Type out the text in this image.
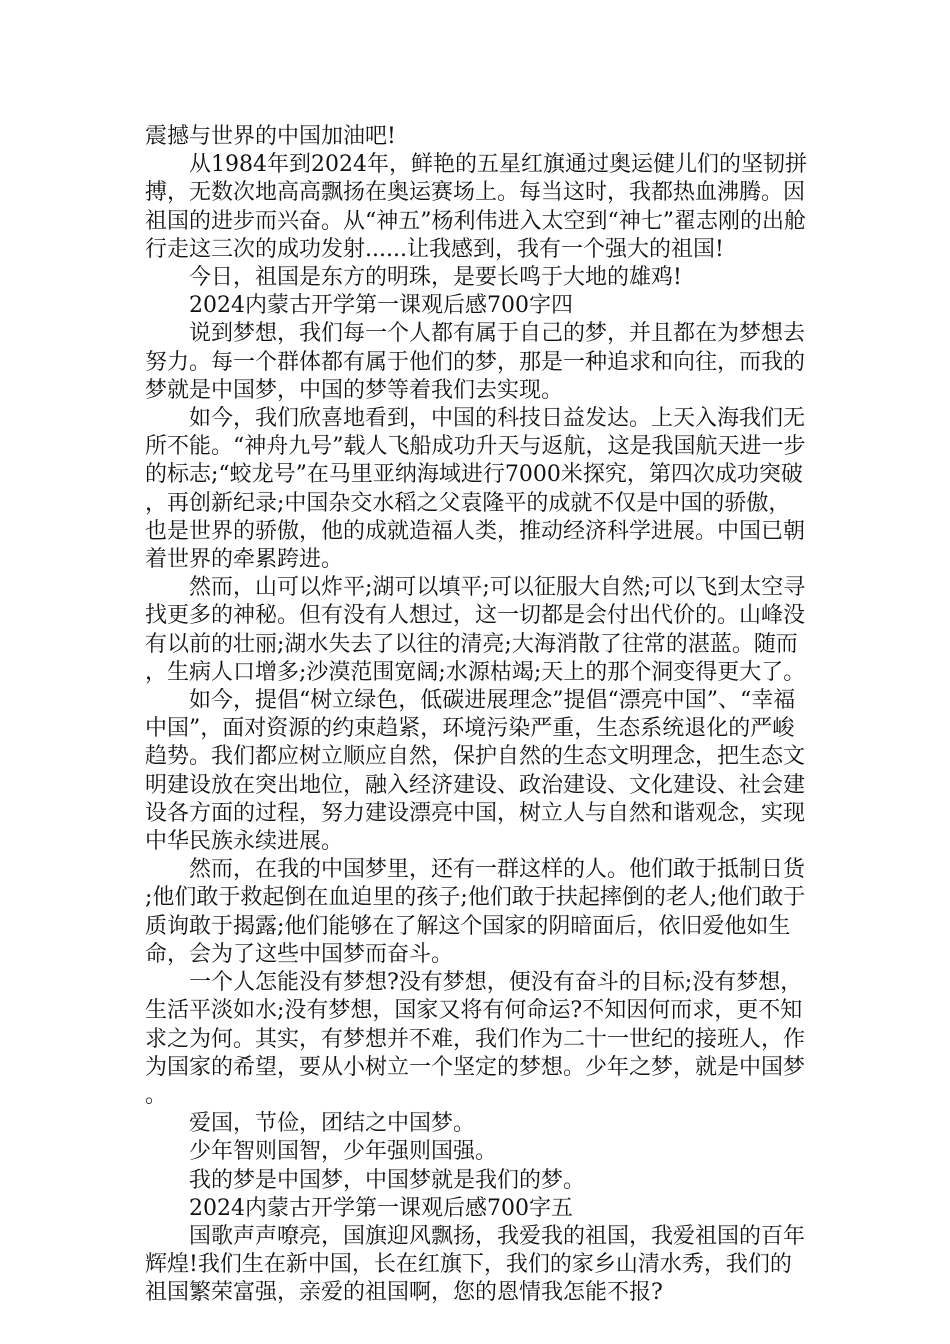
震撼与世界的中国加油吧!

从1984年到2024年，鲜艳的五星红旗通过奥运健儿们的坚韧拼搏，无数次地高高飘扬在奥运赛场上。每当这时，我都热血沸腾。因祖国的进步而兴奋。从“神五”杨利伟进入太空到“神七”翟志刚的出舱行走这三次的成功发射......让我感到，我有一个强大的祖国!

今日，祖国是东方的明珠，是要长鸣于大地的雄鸡!

2024内蒙古开学第一课观后感700字四

说到梦想，我们每一个人都有属于自己的梦，并且都在为梦想去努力。每一个群体都有属于他们的梦，那是一种追求和向往，而我的梦就是中国梦，中国的梦等着我们去实现。

如今，我们欣喜地看到，中国的科技日益发达。上天入海我们无所不能。“神舟九号”载人飞船成功升天与返航，这是我国航天进一步的标志;“蛟龙号”在马里亚纳海域进行7000米探究，第四次成功突破，再创新纪录;中国杂交水稻之父袁隆平的成就不仅是中国的骄傲，也是世界的骄傲，他的成就造福人类，推动经济科学进展。中国已朝着世界的牵累跨进。

然而，山可以炸平;湖可以填平;可以征服大自然;可以飞到太空寻找更多的神秘。但有没有人想过，这一切都是会付出代价的。山峰没有以前的壮丽;湖水失去了以往的清亮;大海消散了往常的湛蓝。随而，生病人口增多;沙漠范围宽阔;水源枯竭;天上的那个洞变得更大了。

如今，提倡“树立绿色，低碳进展理念”提倡“漂亮中国”、“幸福中国”，面对资源的约束趋紧，环境污染严重，生态系统退化的严峻趋势。我们都应树立顺应自然，保护自然的生态文明理念，把生态文明建设放在突出地位，融入经济建设、政治建设、文化建设、社会建设各方面的过程，努力建设漂亮中国，树立人与自然和谐观念，实现中华民族永续进展。

然而，在我的中国梦里，还有一群这样的人。他们敢于抵制日货;他们敢于救起倒在血迫里的孩子;他们敢于扶起摔倒的老人;他们敢于质询敢于揭露;他们能够在了解这个国家的阴暗面后，依旧爱他如生命，会为了这些中国梦而奋斗。

一个人怎能没有梦想?没有梦想，便没有奋斗的目标;没有梦想，生活平淡如水;没有梦想，国家又将有何命运?不知因何而求，更不知求之为何。其实，有梦想并不难，我们作为二十一世纪的接班人，作为国家的希望，要从小树立一个坚定的梦想。少年之梦，就是中国梦。

爱国，节俭，团结之中国梦。

少年智则国智，少年强则国强。

我的梦是中国梦，中国梦就是我们的梦。

2024内蒙古开学第一课观后感700字五

国歌声声嘹亮，国旗迎风飘扬，我爱我的祖国，我爱祖国的百年辉煌!我们生在新中国，长在红旗下，我们的家乡山清水秀，我们的祖国繁荣富强，亲爱的祖国啊，您的恩情我怎能不报?
